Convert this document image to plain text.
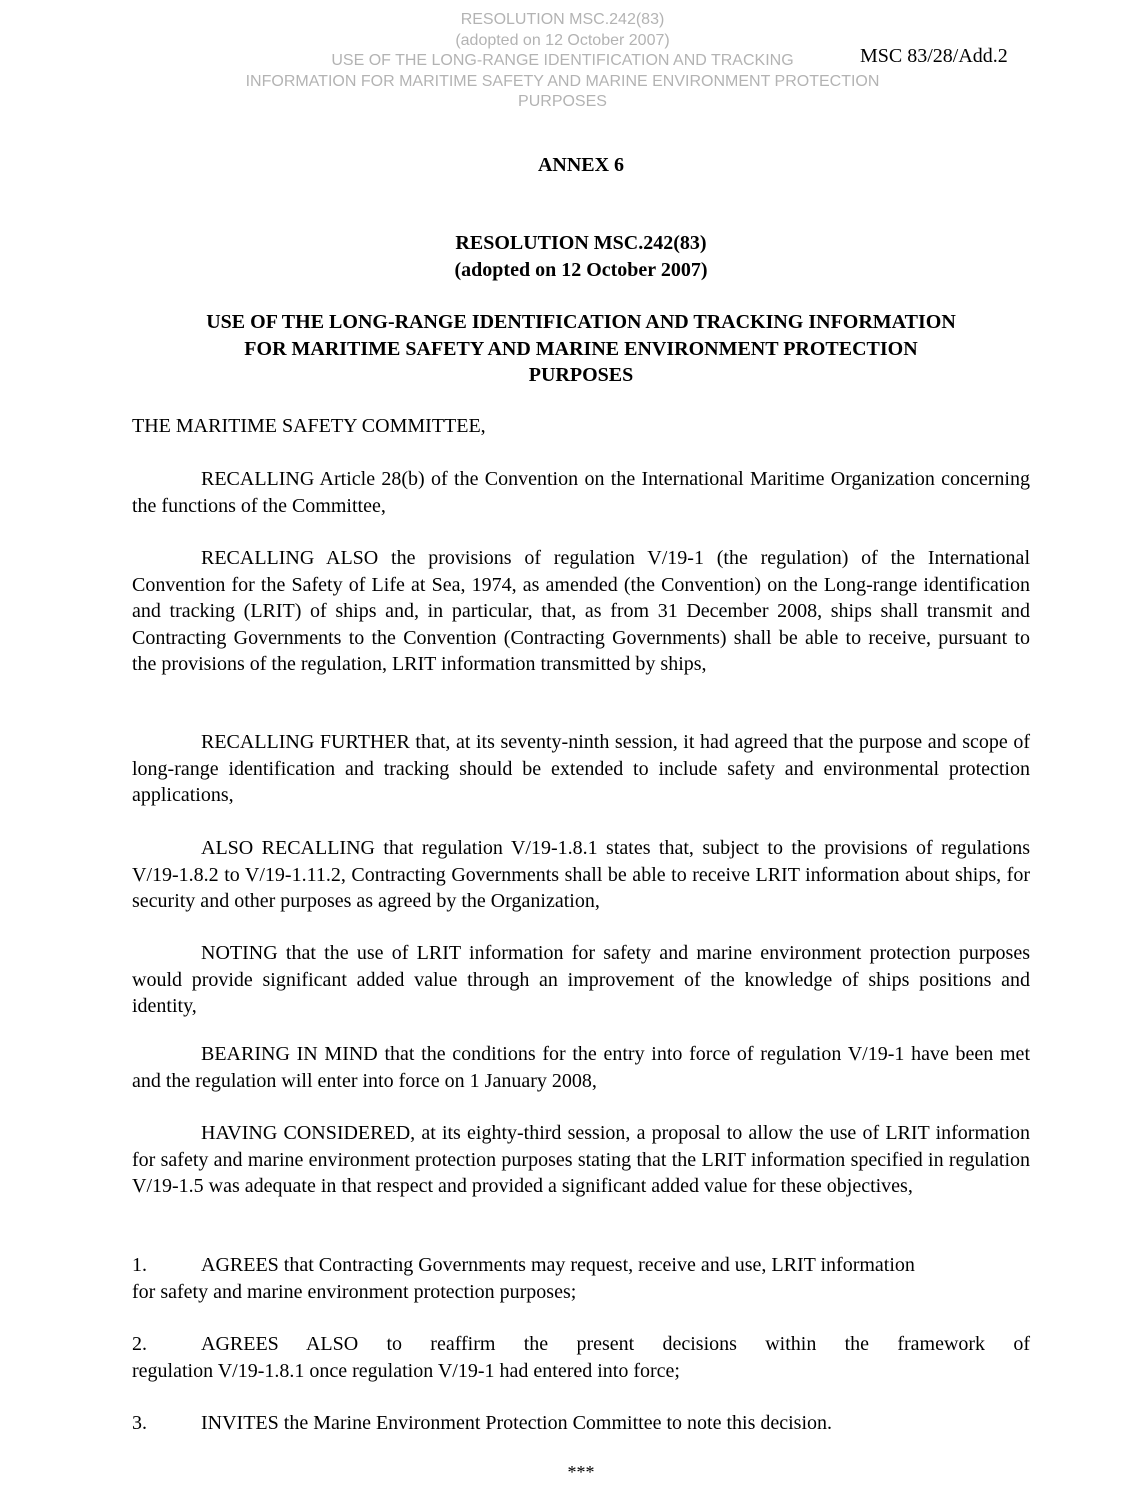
RESOLUTION MSC.242(83)
(adopted on 12 October 2007)
USE OF THE LONG-RANGE IDENTIFICATION AND TRACKING
INFORMATION FOR MARITIME SAFETY AND MARINE ENVIRONMENT PROTECTION
PURPOSES
MSC 83/28/Add.2
ANNEX 6
RESOLUTION MSC.242(83)
(adopted on 12 October 2007)
USE OF THE LONG-RANGE IDENTIFICATION AND TRACKING INFORMATION
FOR MARITIME SAFETY AND MARINE ENVIRONMENT PROTECTION
PURPOSES
THE MARITIME SAFETY COMMITTEE,
RECALLING Article 28(b) of the Convention on the International Maritime Organization concerning the functions of the Committee,
RECALLING ALSO the provisions of regulation V/19-1 (the regulation) of the International Convention for the Safety of Life at Sea, 1974, as amended (the Convention) on the Long-range identification and tracking (LRIT) of ships and, in particular, that, as from 31 December 2008, ships shall transmit and Contracting Governments to the Convention (Contracting Governments) shall be able to receive, pursuant to the provisions of the regulation, LRIT information transmitted by ships,
RECALLING FURTHER that, at its seventy-ninth session, it had agreed that the purpose and scope of long-range identification and tracking should be extended to include safety and environmental protection applications,
ALSO RECALLING that regulation V/19-1.8.1 states that, subject to the provisions of regulations V/19-1.8.2 to V/19-1.11.2, Contracting Governments shall be able to receive LRIT information about ships, for security and other purposes as agreed by the Organization,
NOTING that the use of LRIT information for safety and marine environment protection purposes would provide significant added value through an improvement of the knowledge of ships positions and identity,
BEARING IN MIND that the conditions for the entry into force of regulation V/19-1 have been met and the regulation will enter into force on 1 January 2008,
HAVING CONSIDERED, at its eighty-third session, a proposal to allow the use of LRIT information for safety and marine environment protection purposes stating that the LRIT information specified in regulation V/19-1.5 was adequate in that respect and provided a significant added value for these objectives,
1.	AGREES that Contracting Governments may request, receive and use, LRIT information
for safety and marine environment protection purposes;
2.	AGREES ALSO to reaffirm the present decisions within the framework of
regulation V/19-1.8.1 once regulation V/19-1 had entered into force;
3.	INVITES the Marine Environment Protection Committee to note this decision.
***
